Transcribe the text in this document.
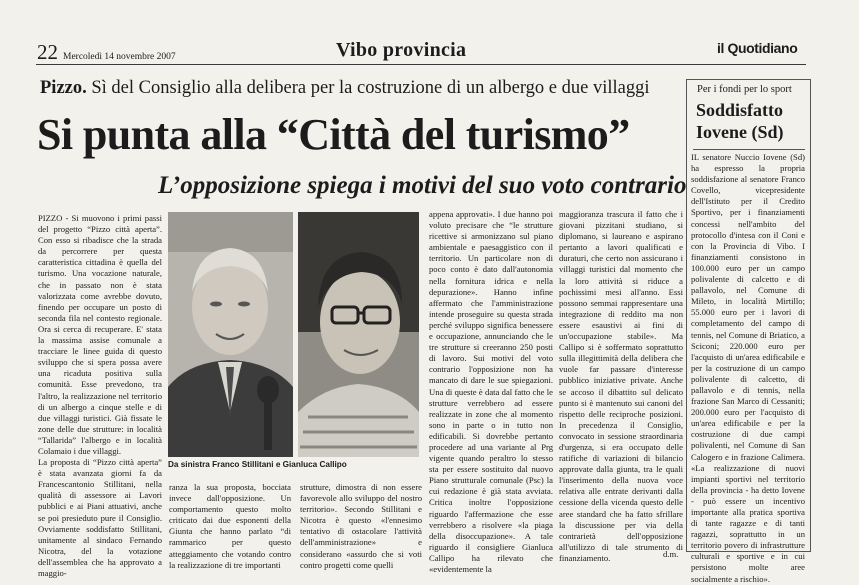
22 Mercoledì 14 novembre 2007	Vibo provincia	il Quotidiano
Pizzo. Sì del Consiglio alla delibera per la costruzione di un albergo e due villaggi
Si punta alla “Città del turismo”
L’opposizione spiega i motivi del suo voto contrario
PIZZO - Si muovono i primi passi del progetto “Pizzo città aperta”. Con esso si ribadisce che la strada da percorrere per questa caratteristica cittadina è quella del turismo. Una vocazione naturale, che in passato non è stata valorizzata come avrebbe dovuto, finendo per occupare un posto di seconda fila nel contesto regionale. Ora si cerca di recuperare. E' stata la massima assise comunale a tracciare le linee guida di questo sviluppo che si spera possa avere una ricaduta positiva sulla comunità. Esse prevedono, tra l'altro, la realizzazione nel territorio di un albergo a cinque stelle e di due villaggi turistici. Già fissate le zone delle due strutture: in località “Tallarida” l'albergo e in località Colamaio i due villaggi.
La proposta di “Pizzo città aperta” è stata avanzata giorni fa da Francescantonio Stillitani, nella qualità di assessore ai Lavori pubblici e ai Piani attuativi, anche se poi presieduto pure il Consiglio. Ovviamente soddisfatto Stillitani, unitamente al sindaco Fernando Nicotra, del la votazione dell'assemblea che ha approvato a maggio-
Da sinistra Franco Stillitani e Gianluca Callipo
ranza la sua proposta, bocciata invece dall'opposizione. Un comportamento questo molto criticato dai due esponenti della Giunta che hanno parlato “di rammarico per questo atteggiamento che votando contro la realizzazione di tre importanti
strutture, dimostra di non essere favorevole allo sviluppo del nostro territorio». Secondo Stillitani e Nicotra è questo «l'ennesimo tentativo di ostacolare l'attività dell'amministrazione» e considerano «assurdo che si voti contro progetti come quelli
appena approvati». I due hanno poi voluto precisare che “le strutture ricettive si armonizzano sul piano ambientale e paesaggistico con il territorio. Un particolare non di poco conto è dato dall'autonomia nella fornitura idrica e nella depurazione». Hanno infine affermato che l'amministrazione intende proseguire su questa strada perché sviluppo significa benessere e occupazione, annunciando che le tre strutture si creeranno 250 posti di lavoro. Sui motivi del voto contrario l'opposizione non ha mancato di dare le sue spiegazioni. Una di queste è data dal fatto che le strutture verrebbero ad essere realizzate in zone che al momento sono in parte o in tutto non edificabili. Si dovrebbe pertanto procedere ad una variante al Prg vigente quando peraltro lo stesso sta per essere sostituito dal nuovo Piano strutturale comunale (Psc) la cui redazione è già stata avviata. Critica inoltre l'opposizione riguardo l'affermazione che esse verrebbero a risolvere «la piaga della disoccupazione». A tale riguardo il consigliere Gianluca Callipo ha rilevato che «evidentemente la
maggioranza trascura il fatto che i giovani pizzitani studiano, si diplomano, si laureano e aspirano pertanto a lavori qualificati e duraturi, che certo non assicurano i villaggi turistici dal momento che la loro attività si riduce a pochissimi mesi all'anno. Essi possono semmai rappresentare una integrazione di reddito ma non essere esaustivi ai fini di un'occupazione stabile». Ma Callipo si è soffermato soprattutto sulla illegittimità della delibera che vuole far passare d'interesse pubblico iniziative private. Anche se accoso il dibattito sul delicato punto si è mantenuto sui canoni del rispetto delle reciproche posizioni. In precedenza il Consiglio, convocato in sessione straordinaria d'urgenza, si era occupato delle ratifiche di variazioni di bilancio approvate dalla giunta, tra le quali l'inserimento della nuova voce relativa alle entrate derivanti dalla cessione della vicenda questo delle aree standard che ha fatto sfrillare la discussione per via della contrarietà dell'opposizione all'utilizzo di tale strumento di finanziamento.	d.m.
Per i fondi per lo sport
Soddisfatto
Iovene (Sd)
IL senatore Nuccio Iovene (Sd) ha espresso la propria soddisfazione al senatore Franco Covello, vicepresidente dell'Istituto per il Credito Sportivo, per i finanziamenti concessi nell'ambito del protocollo d'intesa con il Coni e con la Provincia di Vibo. I finanziamenti consistono in 100.000 euro per un campo polivalente di calcetto e di pallavolo, nel Comune di Mileto, in località Mirtillo; 55.000 euro per i lavori di completamento del campo di tennis, nel Comune di Briatico, a Sciconi; 220.000 euro per l'acquisto di un'area edificabile e per la costruzione di un campo polivalente di calcetto, di pallavolo e di tennis, nella frazione San Marco di Cessaniti; 200.000 euro per l'acquisto di un'area edificabile e per la costruzione di due campi polivalenti, nel Comune di San Calogero e in frazione Calimera. «La realizzazione di nuovi impianti sportivi nel territorio della provincia - ha detto Iovene - può essere un incentivo importante alla pratica sportiva di tante ragazze e di tanti ragazzi, soprattutto in un territorio povero di infrastrutture culturali e sportive e in cui persistono molte aree socialmente a rischio».
